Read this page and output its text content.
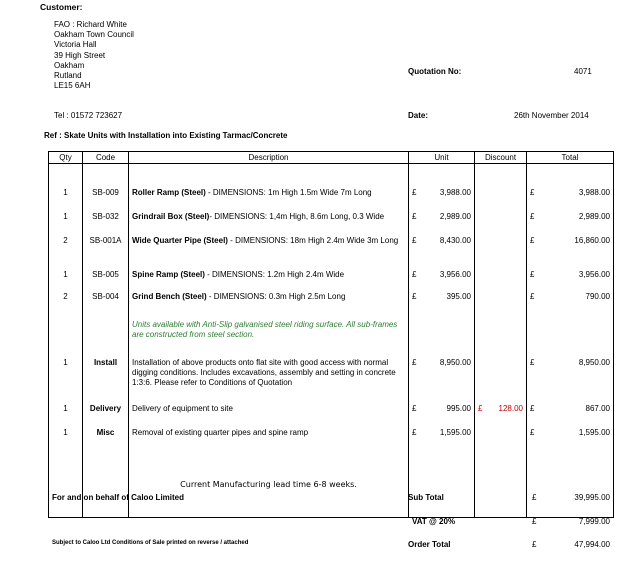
Customer:
FAO : Richard White
Oakham Town Council
Victoria Hall
39 High Street
Oakham
Rutland
LE15 6AH
Tel : 01572 723627
Quotation No:	4071
Date:	26th November 2014
Ref : Skate Units with Installation into Existing Tarmac/Concrete
Qty	Code	Description	Unit	Discount	Total

1	SB-009	Roller Ramp (Steel) - DIMENSIONS: 1m High 1.5m Wide 7m Long	£ 3,988.00		£ 3,988.00

1	SB-032	Grindrail Box (Steel)- DIMENSIONS: 1,4m High, 8.6m Long, 0.3 Wide	£ 2,989.00		£ 2,989.00

2	SB-001A	Wide Quarter Pipe (Steel) - DIMENSIONS: 18m High 2.4m Wide 3m Long	£ 8,430.00		£ 16,860.00

1	SB-005	Spine Ramp (Steel) - DIMENSIONS: 1.2m High 2.4m Wide	£ 3,956.00		£ 3,956.00

2	SB-004	Grind Bench (Steel) - DIMENSIONS: 0.3m High 2.5m Long	£ 395.00		£ 790.00

		Units available with Anti-Slip galvanised steel riding surface. All sub-frames are constructed from steel section.			
1	Install	Installation of above products onto flat site with good access with normal digging conditions. Includes excavations, assembly and setting in concrete 1:3:6. Please refer to Conditions of Quotation	£ 8,950.00		£ 8,950.00

1	Delivery	Delivery of equipment to site	£ 995.00	£ 128.00	£ 867.00

1	Misc	Removal of existing quarter pipes and spine ramp	£ 1,595.00		£ 1,595.00

		Current Manufacturing lead time 6-8 weeks.			

For and on behalf of Caloo Limited
Subject to Caloo Ltd Conditions of Sale printed on reverse / attached
Sub Total	£	39,995.00
VAT @ 20%	£	7,999.00
Order Total	£	47,994.00
